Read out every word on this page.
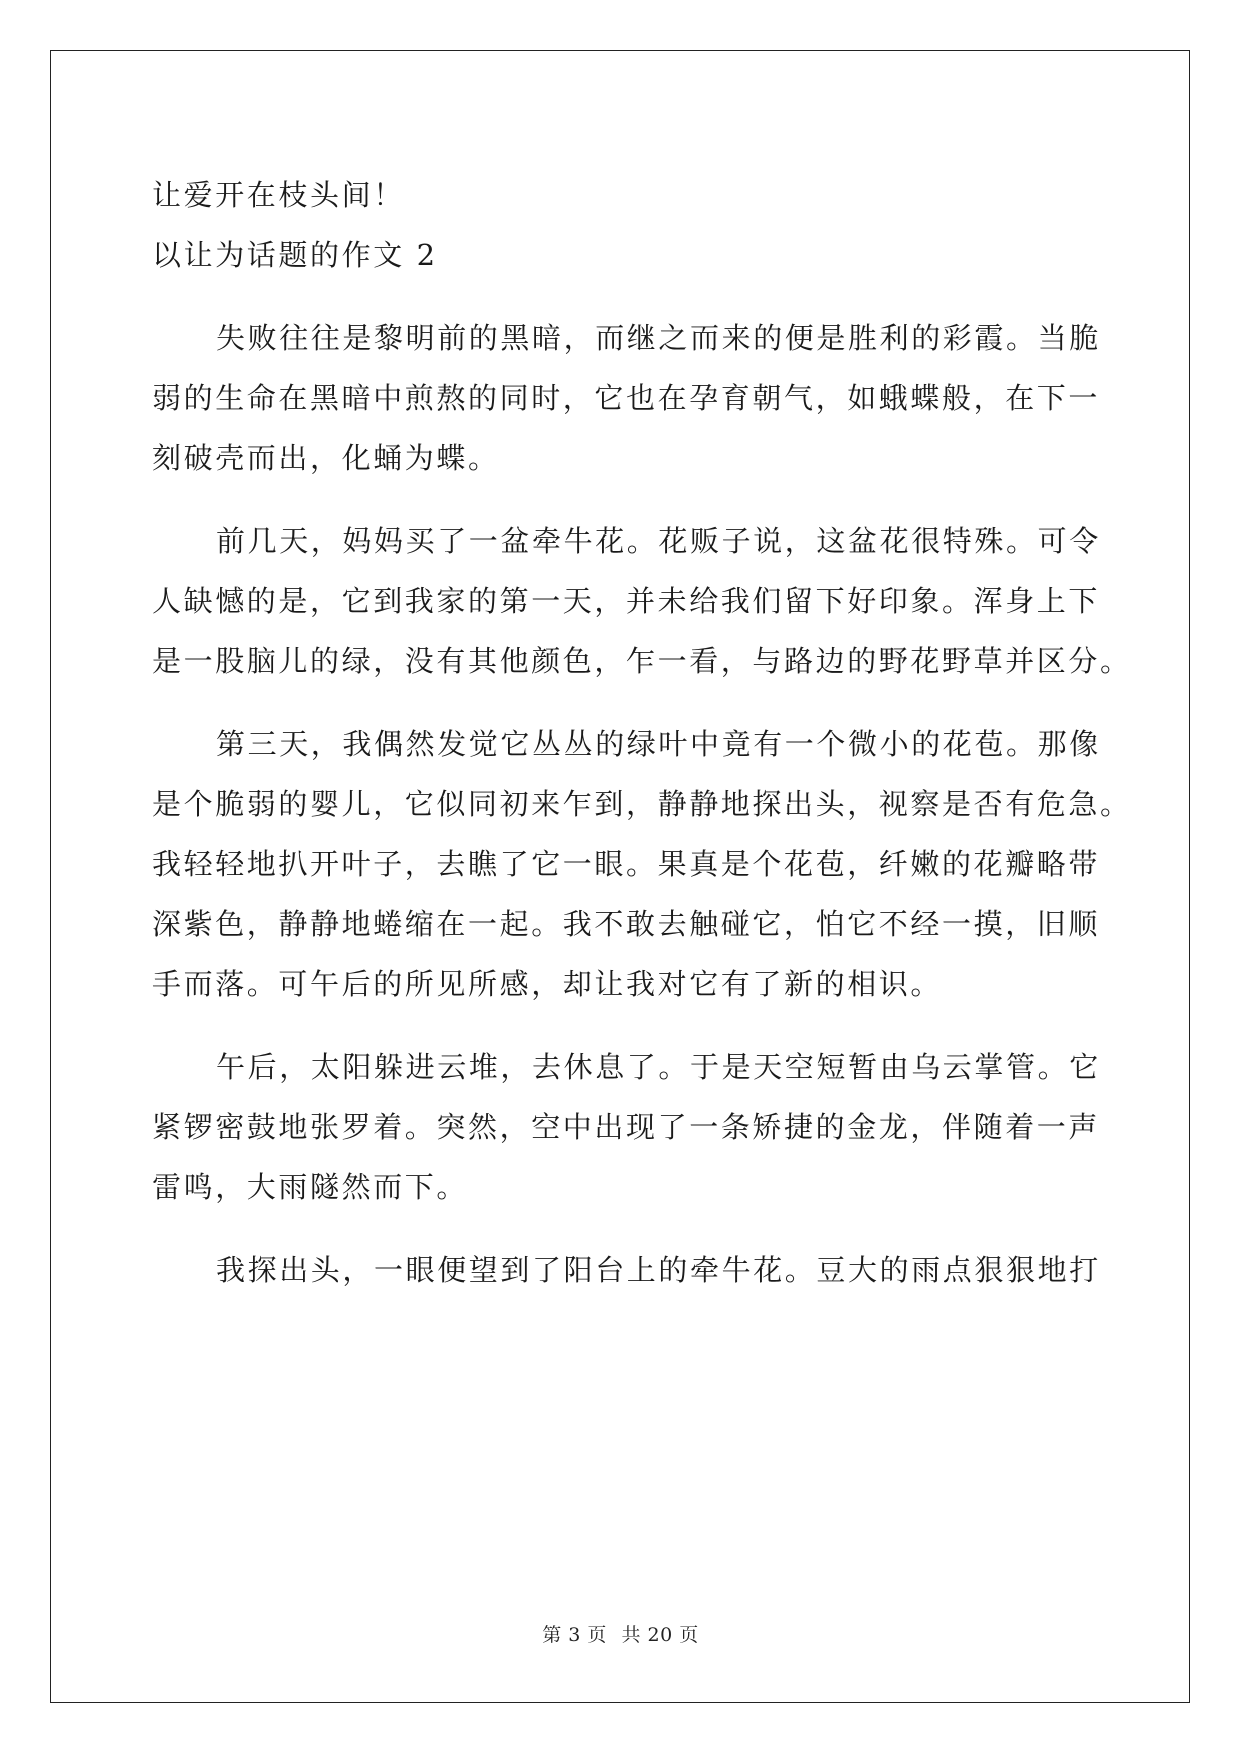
让爱开在枝头间！

以让为话题的作文 2

失败往往是黎明前的黑暗，而继之而来的便是胜利的彩霞。当脆

弱的生命在黑暗中煎熬的同时，它也在孕育朝气，如蛾蝶般，在下一

刻破壳而出，化蛹为蝶。

前几天，妈妈买了一盆牵牛花。花贩子说，这盆花很特殊。可令

人缺憾的是，它到我家的第一天，并未给我们留下好印象。浑身上下

是一股脑儿的绿，没有其他颜色，乍一看，与路边的野花野草并区分。

第三天，我偶然发觉它丛丛的绿叶中竟有一个微小的花苞。那像

是个脆弱的婴儿，它似同初来乍到，静静地探出头，视察是否有危急。

我轻轻地扒开叶子，去瞧了它一眼。果真是个花苞，纤嫩的花瓣略带

深紫色，静静地蜷缩在一起。我不敢去触碰它，怕它不经一摸，旧顺

手而落。可午后的所见所感，却让我对它有了新的相识。

午后，太阳躲进云堆，去休息了。于是天空短暂由乌云掌管。它

紧锣密鼓地张罗着。突然，空中出现了一条矫捷的金龙，伴随着一声

雷鸣，大雨隧然而下。

我探出头，一眼便望到了阳台上的牵牛花。豆大的雨点狠狠地打

第 3 页 共 20 页
